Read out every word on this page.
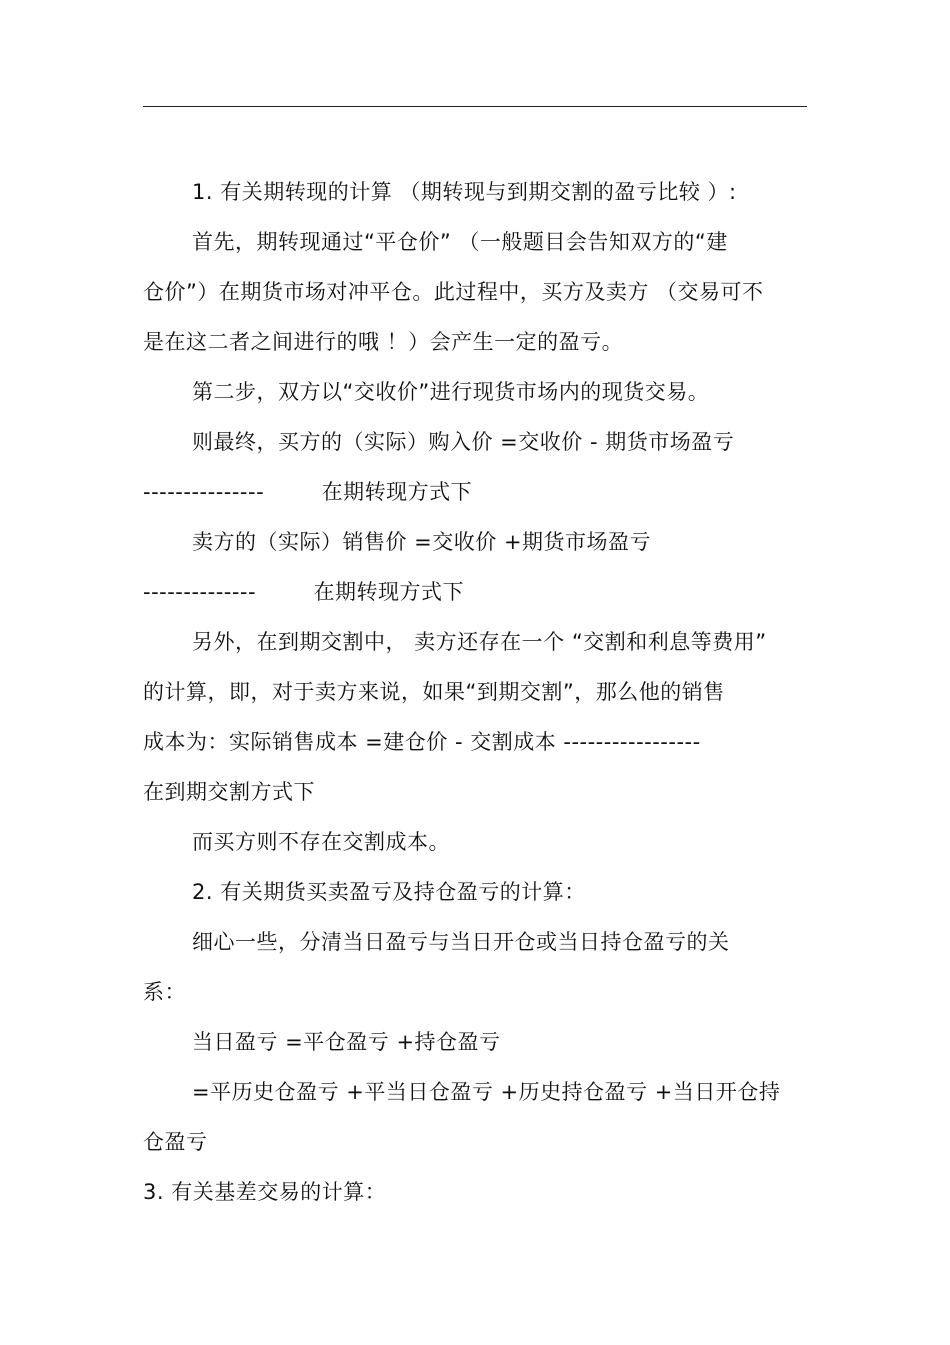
1. 有关期转现的计算 （期转现与到期交割的盈亏比较 ）:
首先，期转现通过“平仓价” （一般题目会告知双方的“建
仓价”）在期货市场对冲平仓。此过程中，买方及卖方 （交易可不
是在这二者之间进行的哦 ！）会产生一定的盈亏。
第二步，双方以“交收价”进行现货市场内的现货交易。
则最终，买方的（实际）购入价 =交收价 - 期货市场盈亏
---------------        在期转现方式下
卖方的（实际）销售价 =交收价 +期货市场盈亏
--------------        在期转现方式下
另外，在到期交割中， 卖方还存在一个 “交割和利息等费用”
的计算，即，对于卖方来说，如果“到期交割”，那么他的销售
成本为：实际销售成本 =建仓价 - 交割成本 -----------------
在到期交割方式下
而买方则不存在交割成本。
2. 有关期货买卖盈亏及持仓盈亏的计算：
细心一些，分清当日盈亏与当日开仓或当日持仓盈亏的关
系：
当日盈亏 =平仓盈亏 +持仓盈亏
=平历史仓盈亏 +平当日仓盈亏 +历史持仓盈亏 +当日开仓持
仓盈亏
3. 有关基差交易的计算：
